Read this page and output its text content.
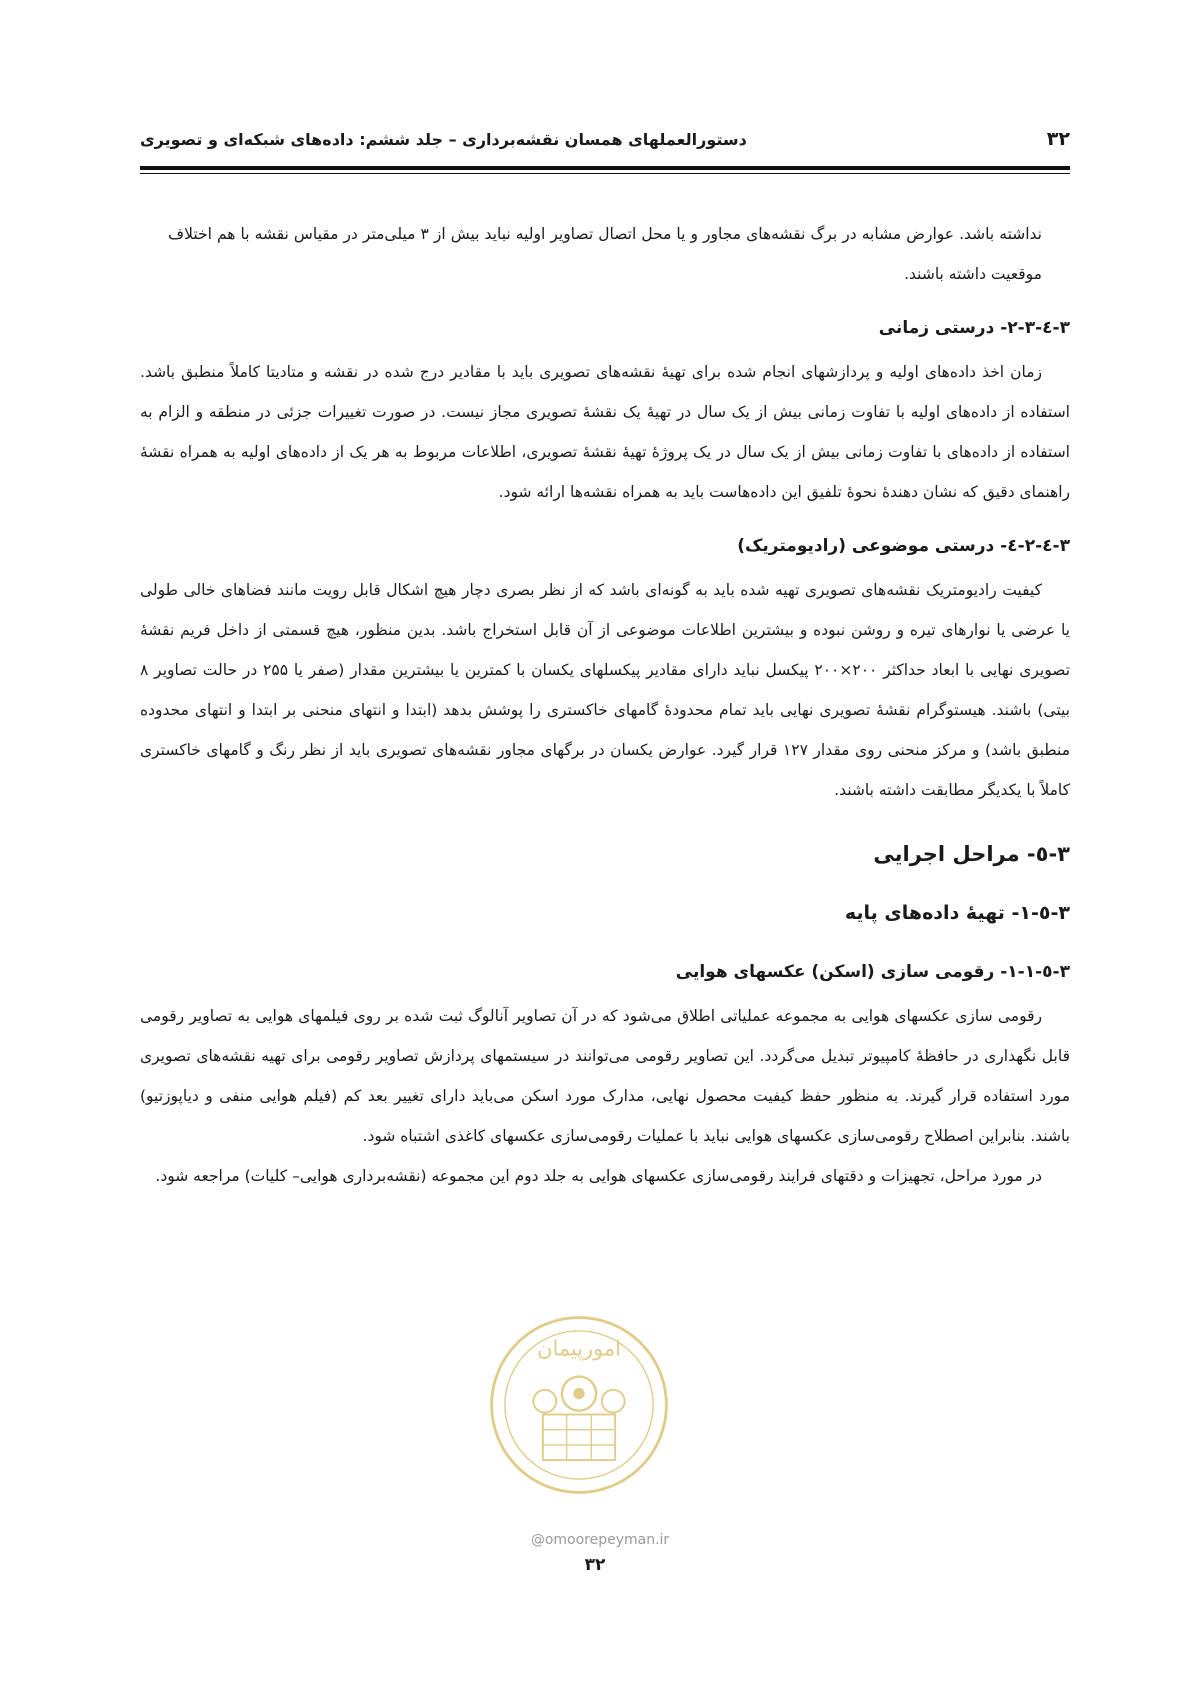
۳۲
دستورالعملهای همسان نقشه‌برداری – جلد ششم: داده‌های شبکه‌ای و تصویری

نداشته باشد. عوارض مشابه در برگ نقشه‌های مجاور و یا محل اتصال تصاویر اولیه نباید بیش از ۳ میلی‌متر در مقیاس نقشه با هم اختلاف موقعیت داشته باشند.

۳-٤-۲-۳- درستی زمانی

زمان اخذ داده‌های اولیه و پردازشهای انجام شده برای تهیهٔ نقشه‌های تصویری باید با مقادیر درج شده در نقشه و متادیتا کاملاً منطبق باشد. استفاده از داده‌های اولیه با تفاوت زمانی بیش از یک سال در تهیهٔ یک نقشهٔ تصویری مجاز نیست. در صورت تغییرات جزئی در منطقه و الزام به استفاده از داده‌های با تفاوت زمانی بیش از یک سال در یک پروژهٔ تهیهٔ نقشهٔ تصویری، اطلاعات مربوط به هر یک از داده‌های اولیه به همراه نقشهٔ راهنمای دقیق که نشان دهندهٔ نحوهٔ تلفیق این داده‌هاست باید به همراه نقشه‌ها ارائه شود.

۳-٤-۲-٤- درستی موضوعی (رادیومتریک)

کیفیت رادیومتریک نقشه‌های تصویری تهیه شده باید به گونه‌ای باشد که از نظر بصری دچار هیچ اشکال قابل رویت مانند فضاهای خالی طولی یا عرضی یا نوارهای تیره و روشن نبوده و بیشترین اطلاعات موضوعی از آن قابل استخراج باشد. بدین منظور، هیچ قسمتی از داخل فریم نقشهٔ تصویری نهایی با ابعاد حداکثر ۲۰۰×۲۰۰ پیکسل نباید دارای مقادیر پیکسلهای یکسان با کمترین یا بیشترین مقدار (صفر یا ۲۵۵ در حالت تصاویر ۸ بیتی) باشند. هیستوگرام نقشهٔ تصویری نهایی باید تمام محدودهٔ گامهای خاکستری را پوشش بدهد (ابتدا و انتهای منحنی بر ابتدا و انتهای محدوده منطبق باشد) و مرکز منحنی روی مقدار ۱۲۷ قرار گیرد. عوارض یکسان در برگهای مجاور نقشه‌های تصویری باید از نظر رنگ و گامهای خاکستری کاملاً با یکدیگر مطابقت داشته باشند.

۳-٥- مراحل اجرایی
۳-٥-۱- تهیهٔ داده‌های پایه
۳-٥-۱-۱- رقومی سازی (اسکن) عکسهای هوایی

رقومی سازی عکسهای هوایی به مجموعه عملیاتی اطلاق می‌شود که در آن تصاویر آنالوگ ثبت شده بر روی فیلمهای هوایی به تصاویر رقومی قابل نگهداری در حافظهٔ کامپیوتر تبدیل می‌گردد. این تصاویر رقومی می‌توانند در سیستمهای پردازش تصاویر رقومی برای تهیه نقشه‌های تصویری مورد استفاده قرار گیرند. به منظور حفظ کیفیت محصول نهایی، مدارک مورد اسکن می‌باید دارای تغییر بعد کم (فیلم هوایی منفی و دیاپوزتیو) باشند. بنابراین اصطلاح رقومی‌سازی عکسهای هوایی نباید با عملیات رقومی‌سازی عکسهای کاغذی اشتباه شود.

در مورد مراحل، تجهیزات و دقتهای فرایند رقومی‌سازی عکسهای هوایی به جلد دوم این مجموعه (نقشه‌برداری هوایی– کلیات) مراجعه شود.

امورپیمان
@omoorepeyman.ir
۳۲
